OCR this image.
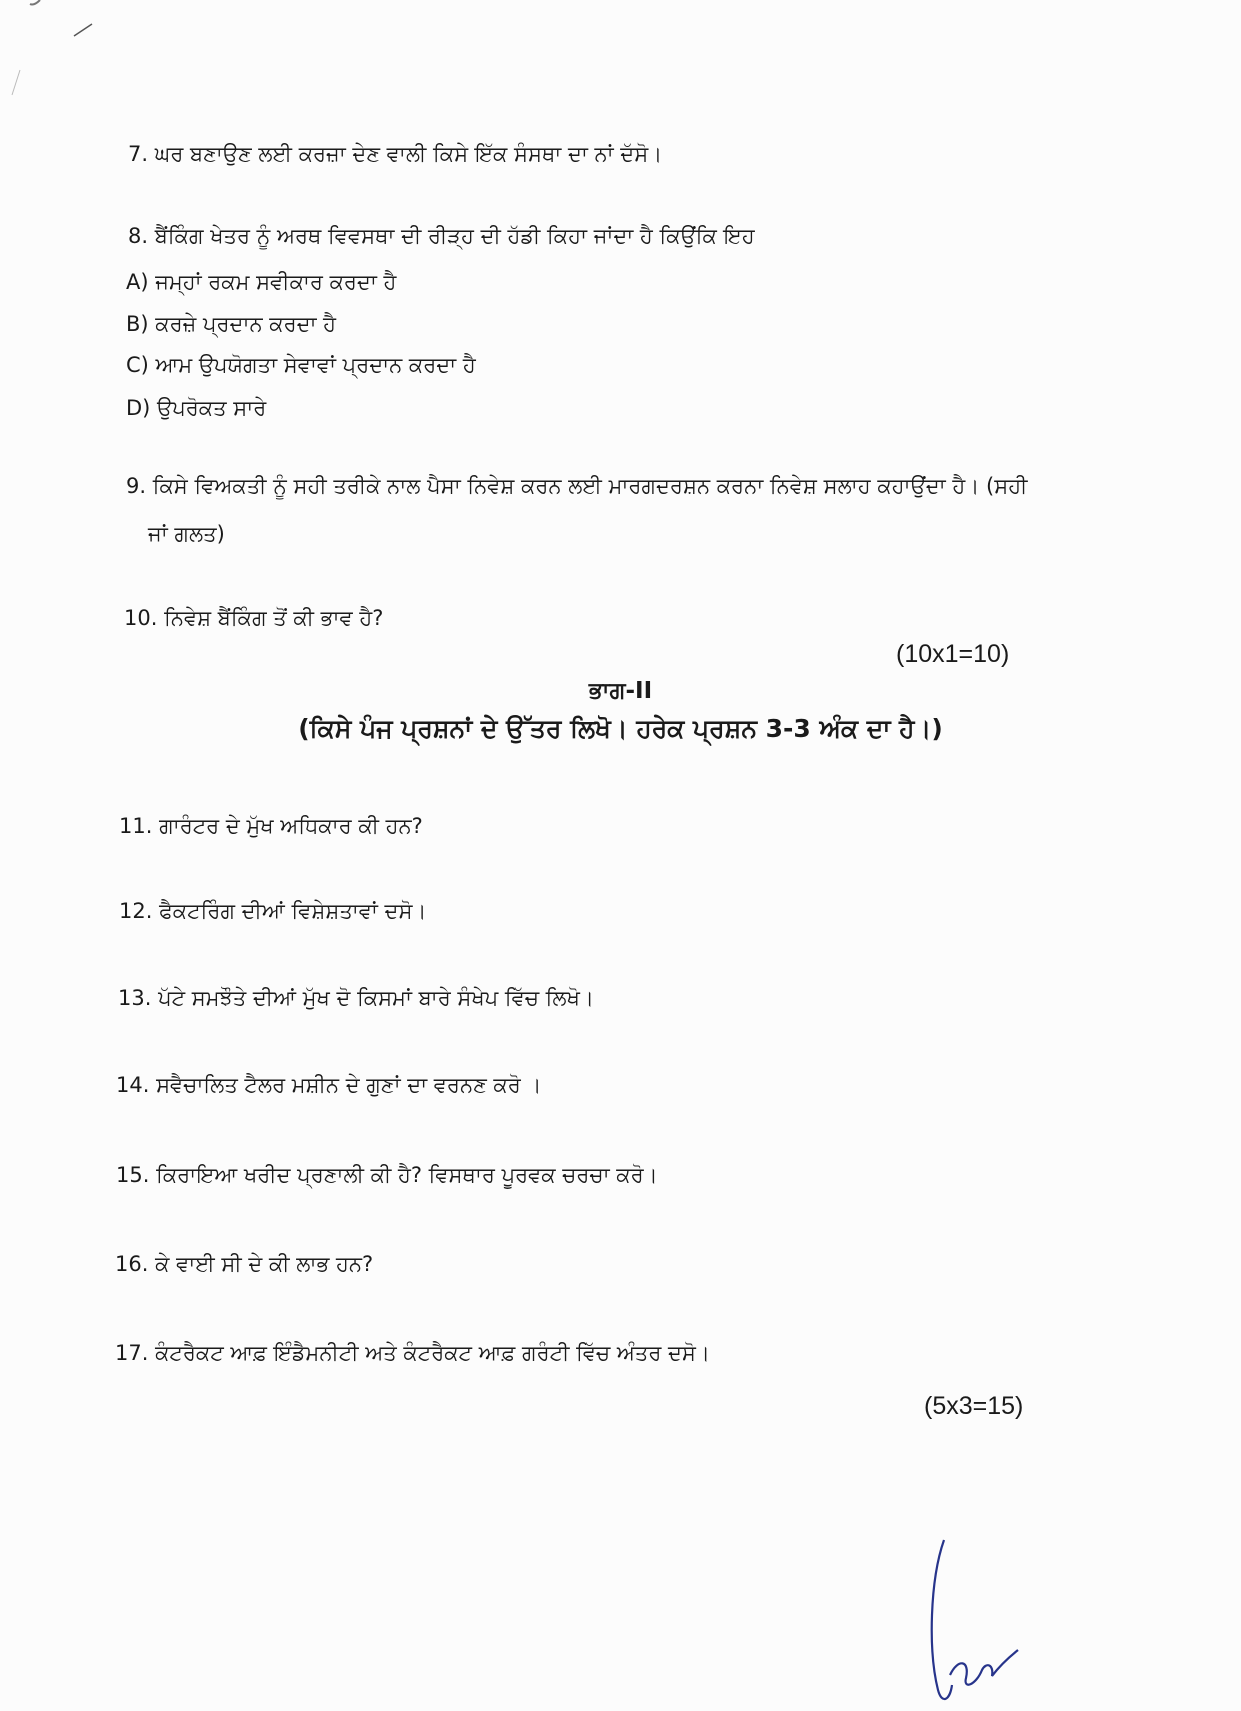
7. ਘਰ ਬਣਾਉਣ ਲਈ ਕਰਜ਼ਾ ਦੇਣ ਵਾਲੀ ਕਿਸੇ ਇੱਕ ਸੰਸਥਾ ਦਾ ਨਾਂ ਦੱਸੋ।
8. ਬੈਂਕਿੰਗ ਖੇਤਰ ਨੂੰ ਅਰਥ ਵਿਵਸਥਾ ਦੀ ਰੀੜ੍ਹ ਦੀ ਹੱਡੀ ਕਿਹਾ ਜਾਂਦਾ ਹੈ ਕਿਉਂਕਿ ਇਹ
A) ਜਮ੍ਹਾਂ ਰਕਮ ਸਵੀਕਾਰ ਕਰਦਾ ਹੈ
B) ਕਰਜ਼ੇ ਪ੍ਰਦਾਨ ਕਰਦਾ ਹੈ
C) ਆਮ ਉਪਯੋਗਤਾ ਸੇਵਾਵਾਂ ਪ੍ਰਦਾਨ ਕਰਦਾ ਹੈ
D) ਉਪਰੋਕਤ ਸਾਰੇ
9. ਕਿਸੇ ਵਿਅਕਤੀ ਨੂੰ ਸਹੀ ਤਰੀਕੇ ਨਾਲ ਪੈਸਾ ਨਿਵੇਸ਼ ਕਰਨ ਲਈ ਮਾਰਗਦਰਸ਼ਨ ਕਰਨਾ ਨਿਵੇਸ਼ ਸਲਾਹ ਕਹਾਉਂਦਾ ਹੈ। (ਸਹੀ
ਜਾਂ ਗਲਤ)
10. ਨਿਵੇਸ਼ ਬੈਂਕਿੰਗ ਤੋਂ ਕੀ ਭਾਵ ਹੈ?
(10x1=10)
ਭਾਗ-II
(ਕਿਸੇ ਪੰਜ ਪ੍ਰਸ਼ਨਾਂ ਦੇ ਉੱਤਰ ਲਿਖੋ। ਹਰੇਕ ਪ੍ਰਸ਼ਨ 3-3 ਅੰਕ ਦਾ ਹੈ।)
11. ਗਾਰੰਟਰ ਦੇ ਮੁੱਖ ਅਧਿਕਾਰ ਕੀ ਹਨ?
12. ਫੈਕਟਰਿੰਗ ਦੀਆਂ ਵਿਸ਼ੇਸ਼ਤਾਵਾਂ ਦਸੋ।
13. ਪੱਟੇ ਸਮਝੌਤੇ ਦੀਆਂ ਮੁੱਖ ਦੋ ਕਿਸਮਾਂ ਬਾਰੇ ਸੰਖੇਪ ਵਿੱਚ ਲਿਖੋ।
14. ਸਵੈਚਾਲਿਤ ਟੈਲਰ ਮਸ਼ੀਨ ਦੇ ਗੁਣਾਂ ਦਾ ਵਰਨਣ ਕਰੋ ।
15. ਕਿਰਾਇਆ ਖਰੀਦ ਪ੍ਰਣਾਲੀ ਕੀ ਹੈ? ਵਿਸਥਾਰ ਪੂਰਵਕ ਚਰਚਾ ਕਰੋ।
16. ਕੇ ਵਾਈ ਸੀ ਦੇ ਕੀ ਲਾਭ ਹਨ?
17. ਕੰਟਰੈਕਟ ਆਫ਼ ਇੰਡੈਮਨੀਟੀ ਅਤੇ ਕੰਟਰੈਕਟ ਆਫ਼ ਗਰੰਟੀ ਵਿੱਚ ਅੰਤਰ ਦਸੋ।
(5x3=15)
